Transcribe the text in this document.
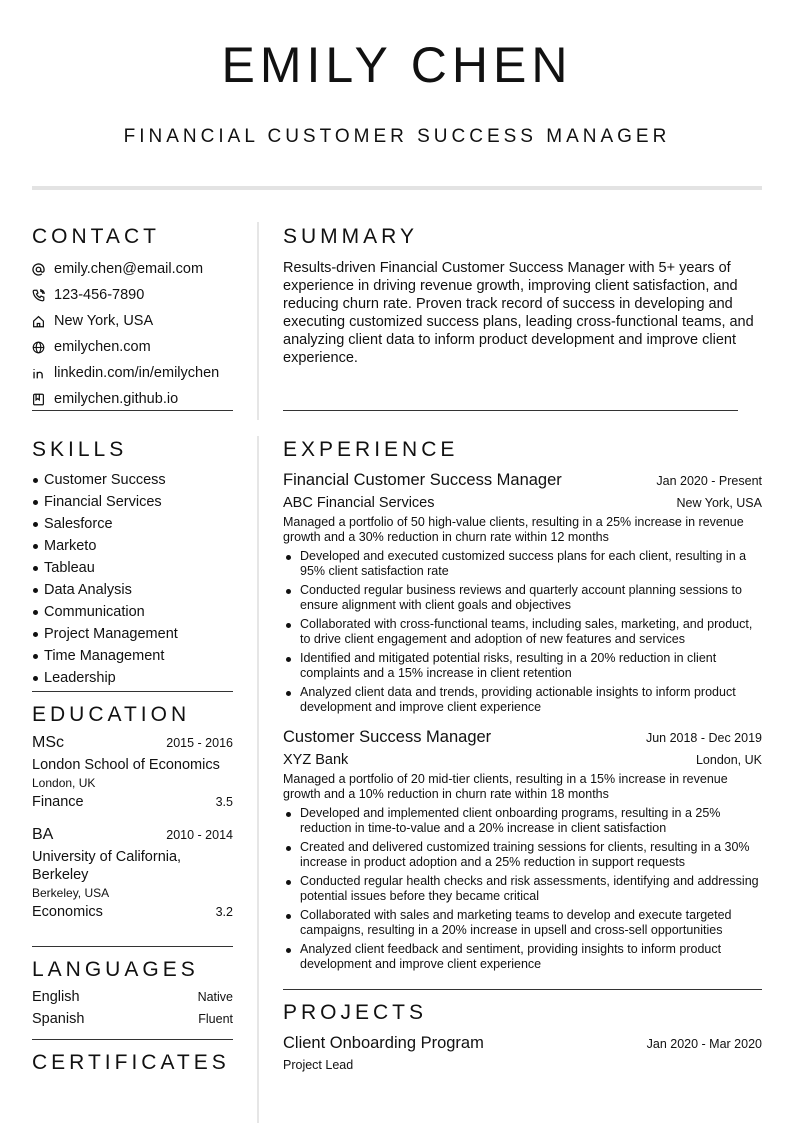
EMILY CHEN
FINANCIAL CUSTOMER SUCCESS MANAGER
CONTACT
emily.chen@email.com
123-456-7890
New York, USA
emilychen.com
linkedin.com/in/emilychen
emilychen.github.io
SKILLS
Customer Success
Financial Services
Salesforce
Marketo
Tableau
Data Analysis
Communication
Project Management
Time Management
Leadership
EDUCATION
MSc	2015 - 2016
London School of Economics
London, UK
Finance	3.5
BA	2010 - 2014
University of California, Berkeley
Berkeley, USA
Economics	3.2
LANGUAGES
English	Native
Spanish	Fluent
CERTIFICATES
SUMMARY
Results-driven Financial Customer Success Manager with 5+ years of experience in driving revenue growth, improving client satisfaction, and reducing churn rate. Proven track record of success in developing and executing customized success plans, leading cross-functional teams, and analyzing client data to inform product development and improve client experience.
EXPERIENCE
Financial Customer Success Manager	Jan 2020 - Present
ABC Financial Services	New York, USA
Managed a portfolio of 50 high-value clients, resulting in a 25% increase in revenue growth and a 30% reduction in churn rate within 12 months
Developed and executed customized success plans for each client, resulting in a 95% client satisfaction rate
Conducted regular business reviews and quarterly account planning sessions to ensure alignment with client goals and objectives
Collaborated with cross-functional teams, including sales, marketing, and product, to drive client engagement and adoption of new features and services
Identified and mitigated potential risks, resulting in a 20% reduction in client complaints and a 15% increase in client retention
Analyzed client data and trends, providing actionable insights to inform product development and improve client experience
Customer Success Manager	Jun 2018 - Dec 2019
XYZ Bank	London, UK
Managed a portfolio of 20 mid-tier clients, resulting in a 15% increase in revenue growth and a 10% reduction in churn rate within 18 months
Developed and implemented client onboarding programs, resulting in a 25% reduction in time-to-value and a 20% increase in client satisfaction
Created and delivered customized training sessions for clients, resulting in a 30% increase in product adoption and a 25% reduction in support requests
Conducted regular health checks and risk assessments, identifying and addressing potential issues before they became critical
Collaborated with sales and marketing teams to develop and execute targeted campaigns, resulting in a 20% increase in upsell and cross-sell opportunities
Analyzed client feedback and sentiment, providing insights to inform product development and improve client experience
PROJECTS
Client Onboarding Program	Jan 2020 - Mar 2020
Project Lead
